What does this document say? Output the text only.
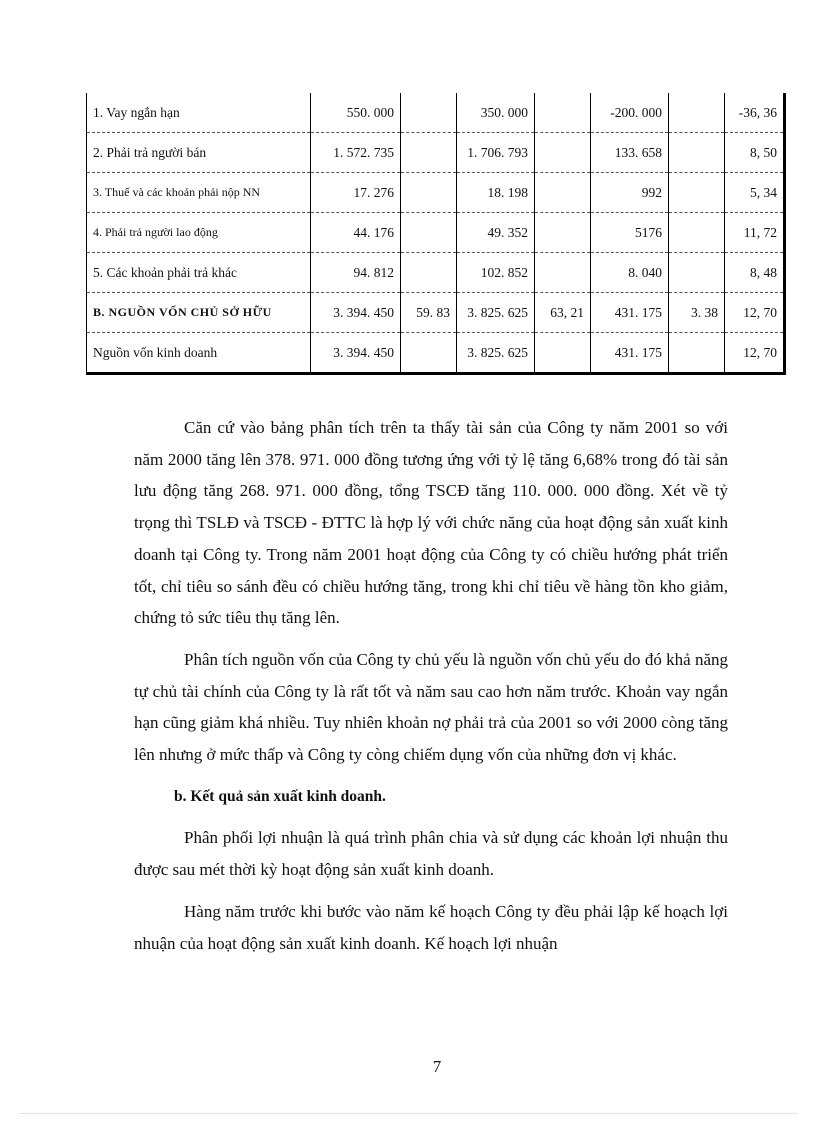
1. Vay ngắn hạn	550. 000		350. 000		-200. 000		-36, 36
2. Phải trả người bán	1. 572. 735		1. 706. 793		133. 658		8, 50
3. Thuế và các khoản phải nộp NN	17. 276		18. 198		992		5, 34
4. Phải trả người lao động	44. 176		49. 352		5176		11, 72
5. Các khoản phải trả khác	94. 812		102. 852		8. 040		8, 48
B. NGUỒN VỐN CHỦ SỞ HỮU	3. 394. 450	59. 83	3. 825. 625	63, 21	431. 175	3. 38	12, 70
Nguồn vốn kinh doanh	3. 394. 450		3. 825. 625		431. 175		12, 70

Căn cứ vào bảng phân tích trên ta thấy tài sản của Công ty năm 2001 so với năm 2000 tăng lên 378. 971. 000 đồng tương ứng với tỷ lệ tăng 6,68% trong đó tài sản lưu động tăng 268. 971. 000 đồng, tổng TSCĐ tăng 110. 000. 000 đồng. Xét về tỷ trọng thì TSLĐ và TSCĐ - ĐTTC là hợp lý với chức năng của hoạt động sản xuất kinh doanh tại Công ty. Trong năm 2001 hoạt động của Công ty có chiều hướng phát triển tốt, chỉ tiêu so sánh đều có chiều hướng tăng, trong khi chỉ tiêu về hàng tồn kho giảm, chứng tỏ sức tiêu thụ tăng lên.

Phân tích nguồn vốn của Công ty chủ yếu là nguồn vốn chủ yếu do đó khả năng tự chủ tài chính của Công ty là rất tốt và năm sau cao hơn năm trước. Khoản vay ngắn hạn cũng giảm khá nhiều. Tuy nhiên khoản nợ phải trả của 2001 so với 2000 còng tăng lên nhưng ở mức thấp và Công ty còng chiếm dụng vốn của những đơn vị khác.

b. Kết quả sản xuất kinh doanh.

Phân phối lợi nhuận là quá trình phân chia và sử dụng các khoản lợi nhuận thu được sau mét thời kỳ hoạt động sản xuất kinh doanh.

Hàng năm trước khi bước vào năm kế hoạch Công ty đều phải lập kế hoạch lợi nhuận của hoạt động sản xuất kinh doanh. Kế hoạch lợi nhuận

7
